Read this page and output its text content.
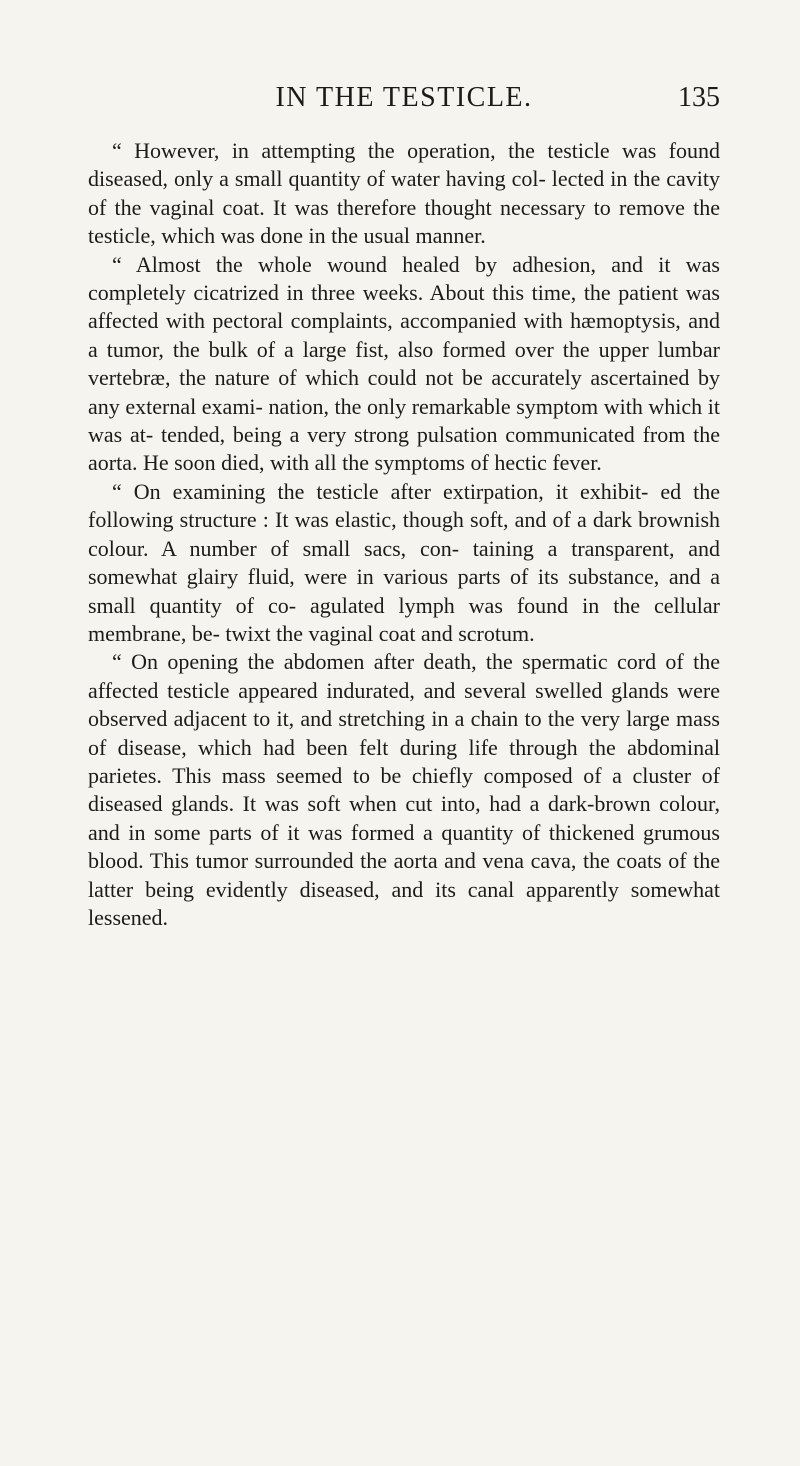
IN THE TESTICLE.	135

“ However, in attempting the operation, the testicle was found diseased, only a small quantity of water having col- lected in the cavity of the vaginal coat. It was therefore thought necessary to remove the testicle, which was done in the usual manner.

“ Almost the whole wound healed by adhesion, and it was completely cicatrized in three weeks. About this time, the patient was affected with pectoral complaints, accompanied with hæmoptysis, and a tumor, the bulk of a large fist, also formed over the upper lumbar vertebræ, the nature of which could not be accurately ascertained by any external exami- nation, the only remarkable symptom with which it was at- tended, being a very strong pulsation communicated from the aorta. He soon died, with all the symptoms of hectic fever.

“ On examining the testicle after extirpation, it exhibit- ed the following structure : It was elastic, though soft, and of a dark brownish colour. A number of small sacs, con- taining a transparent, and somewhat glairy fluid, were in various parts of its substance, and a small quantity of co- agulated lymph was found in the cellular membrane, be- twixt the vaginal coat and scrotum.

“ On opening the abdomen after death, the spermatic cord of the affected testicle appeared indurated, and several swelled glands were observed adjacent to it, and stretching in a chain to the very large mass of disease, which had been felt during life through the abdominal parietes. This mass seemed to be chiefly composed of a cluster of diseased glands. It was soft when cut into, had a dark-brown colour, and in some parts of it was formed a quantity of thickened grumous blood. This tumor surrounded the aorta and vena cava, the coats of the latter being evidently diseased, and its canal apparently somewhat lessened.
